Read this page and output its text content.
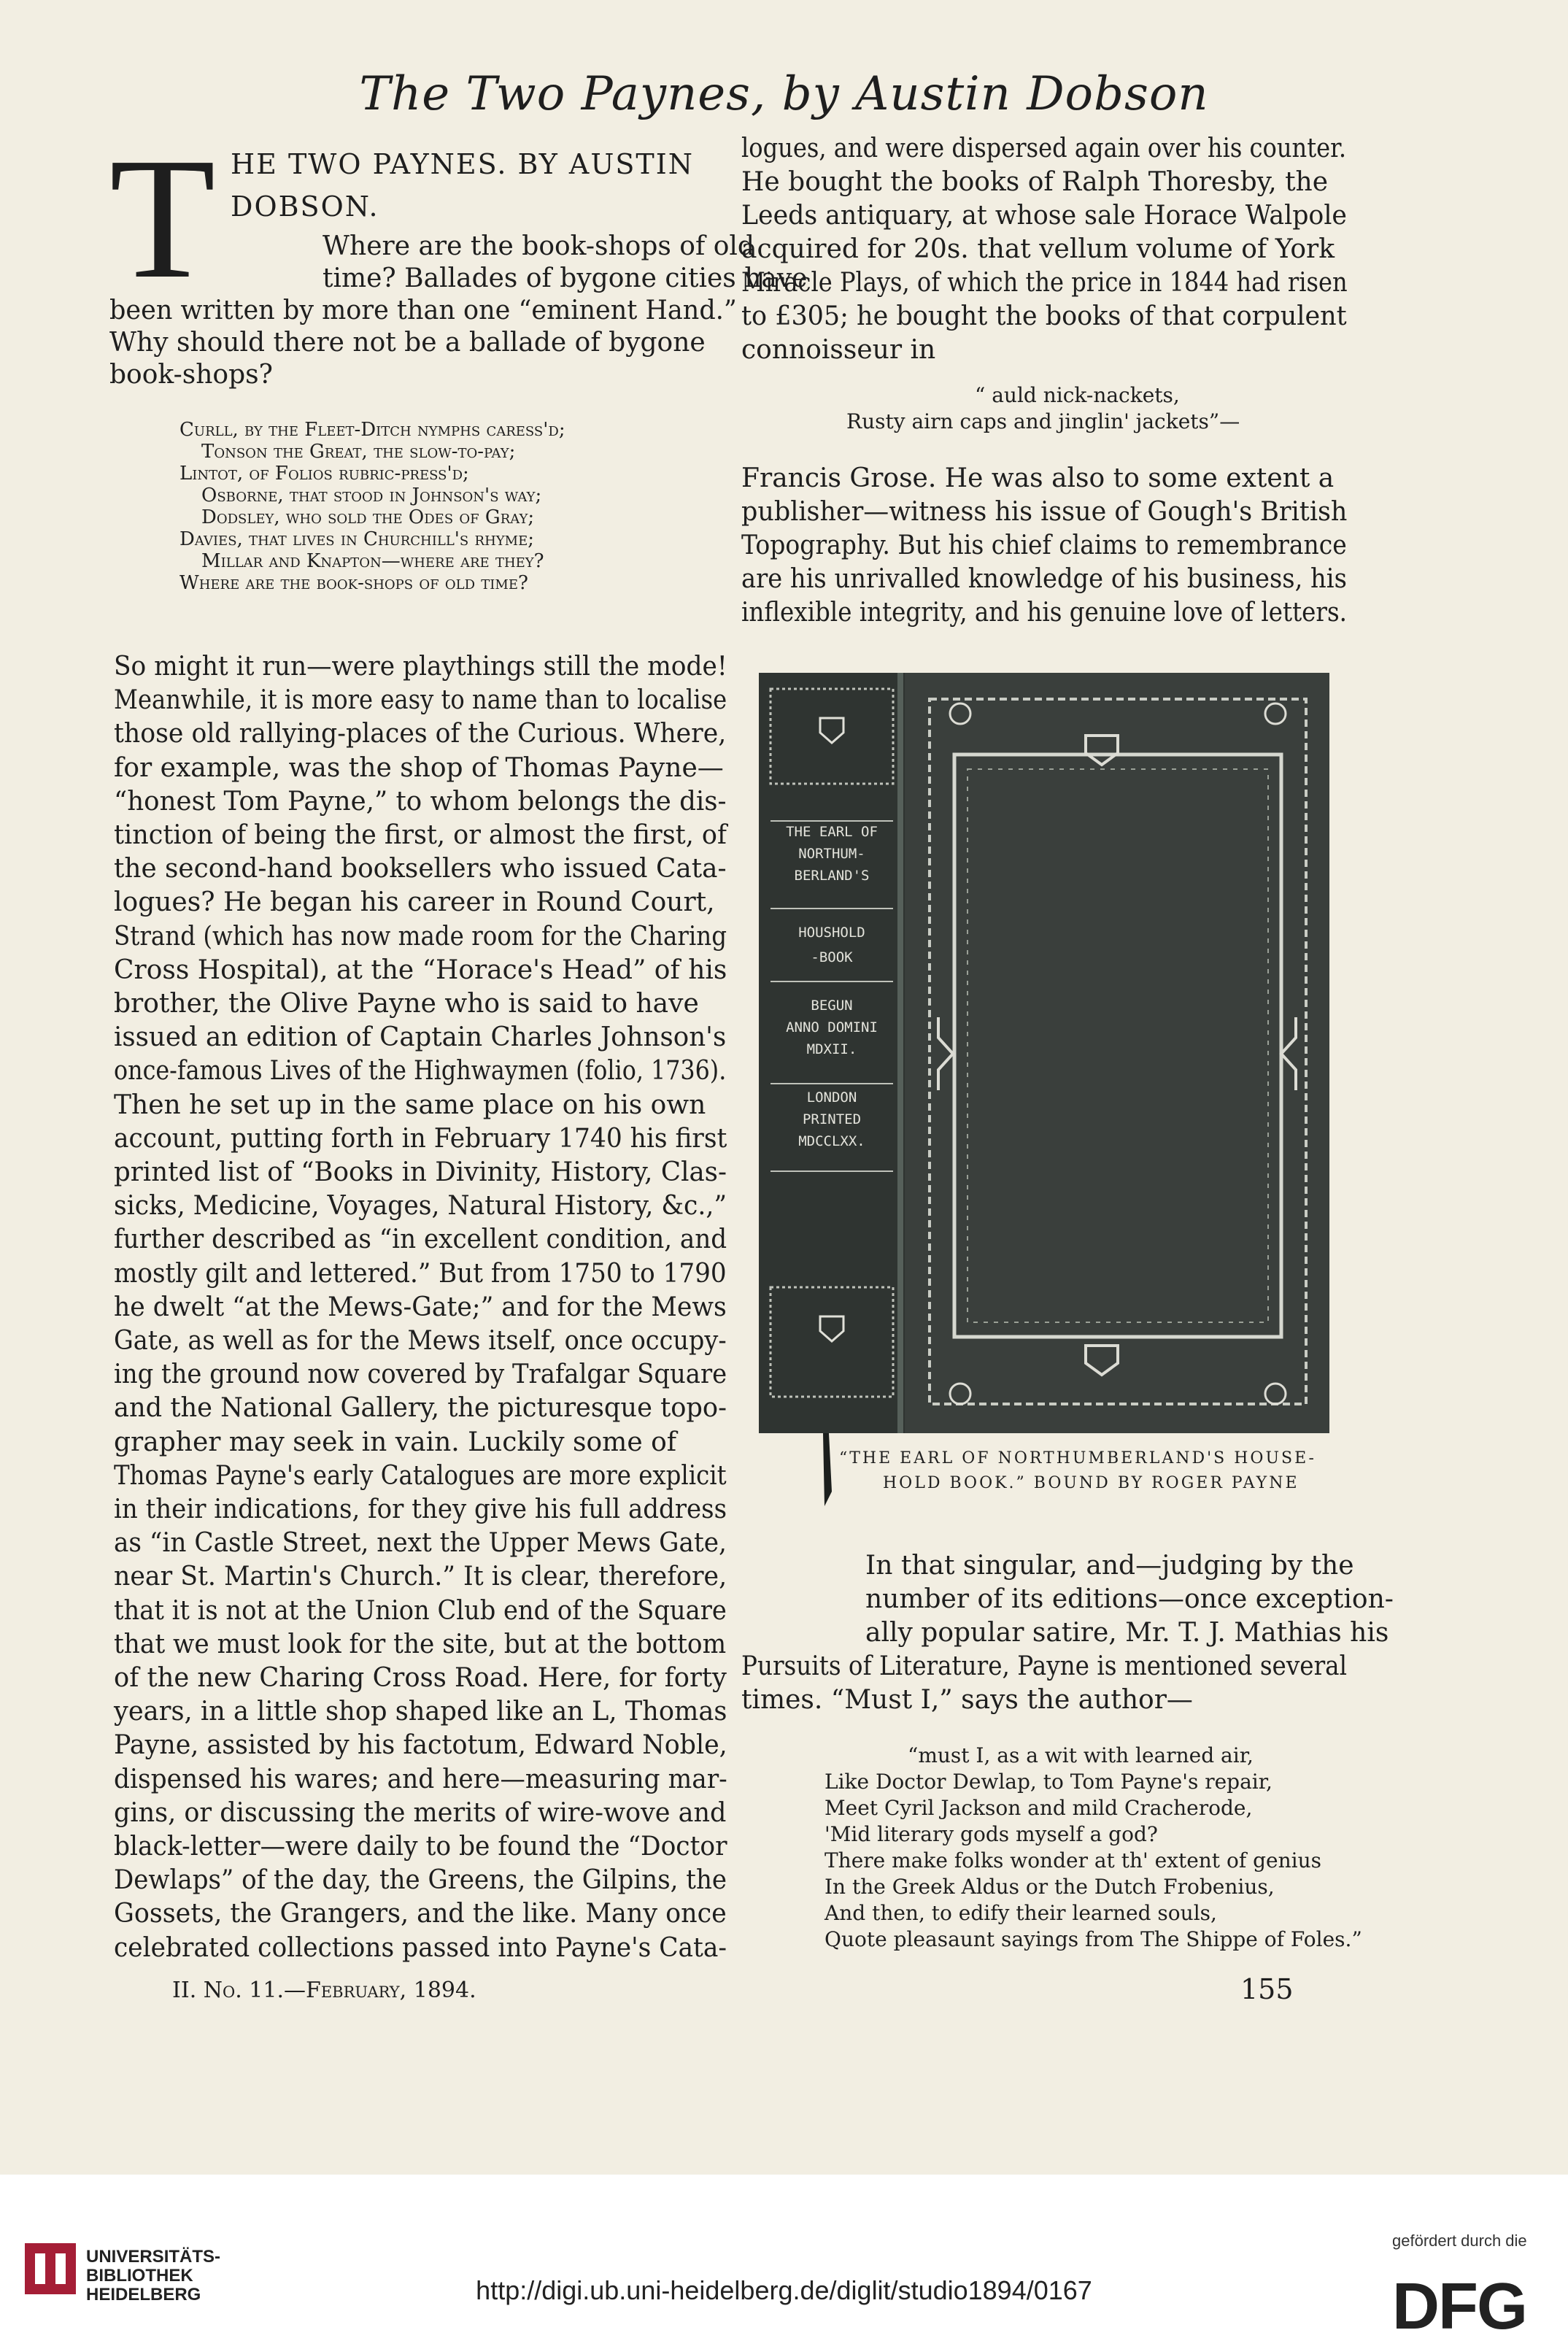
The Two Paynes, by Austin Dobson
T HE TWO PAYNES. BY AUSTIN
DOBSON.
Where are the book-shops of old
time? Ballades of bygone cities have
been written by more than one “eminent Hand.”
Why should there not be a ballade of bygone
book-shops?
Curll, by the Fleet-Ditch nymphs caress'd;
Tonson the Great, the slow-to-pay;
Lintot, of Folios rubric-press'd;
Osborne, that stood in Johnson's way;
Dodsley, who sold the Odes of Gray;
Davies, that lives in Churchill's rhyme;
Millar and Knapton—where are they?
Where are the book-shops of old time?
So might it run—were playthings still the mode!
Meanwhile, it is more easy to name than to localise
those old rallying-places of the Curious. Where,
for example, was the shop of Thomas Payne—
“honest Tom Payne,” to whom belongs the dis-
tinction of being the first, or almost the first, of
the second-hand booksellers who issued Cata-
logues? He began his career in Round Court,
Strand (which has now made room for the Charing
Cross Hospital), at the “Horace's Head” of his
brother, the Olive Payne who is said to have
issued an edition of Captain Charles Johnson's
once-famous Lives of the Highwaymen (folio, 1736).
Then he set up in the same place on his own
account, putting forth in February 1740 his first
printed list of “Books in Divinity, History, Clas-
sicks, Medicine, Voyages, Natural History, &c.,”
further described as “in excellent condition, and
mostly gilt and lettered.” But from 1750 to 1790
he dwelt “at the Mews-Gate;” and for the Mews
Gate, as well as for the Mews itself, once occupy-
ing the ground now covered by Trafalgar Square
and the National Gallery, the picturesque topo-
grapher may seek in vain. Luckily some of
Thomas Payne's early Catalogues are more explicit
in their indications, for they give his full address
as “in Castle Street, next the Upper Mews Gate,
near St. Martin's Church.” It is clear, therefore,
that it is not at the Union Club end of the Square
that we must look for the site, but at the bottom
of the new Charing Cross Road. Here, for forty
years, in a little shop shaped like an L, Thomas
Payne, assisted by his factotum, Edward Noble,
dispensed his wares; and here—measuring mar-
gins, or discussing the merits of wire-wove and
black-letter—were daily to be found the “Doctor
Dewlaps” of the day, the Greens, the Gilpins, the
Gossets, the Grangers, and the like. Many once
celebrated collections passed into Payne's Cata-
II. No. 11.—February, 1894.
logues, and were dispersed again over his counter.
He bought the books of Ralph Thoresby, the
Leeds antiquary, at whose sale Horace Walpole
acquired for 20s. that vellum volume of York
Miracle Plays, of which the price in 1844 had risen
to £305; he bought the books of that corpulent
connoisseur in
“ auld nick-nackets,
Rusty airn caps and jinglin' jackets”—
Francis Grose. He was also to some extent a
publisher—witness his issue of Gough's British
Topography. But his chief claims to remembrance
are his unrivalled knowledge of his business, his
inflexible integrity, and his genuine love of letters.
THE EARL OF
NORTHUM-
BERLAND'S
HOUSHOLD
-BOOK
BEGUN
ANNO DOMINI
MDXII.
LONDON
PRINTED
MDCCLXX.
“THE EARL OF NORTHUMBERLAND'S HOUSE-
HOLD BOOK.” BOUND BY ROGER PAYNE
In that singular, and—judging by the
number of its editions—once exception-
ally popular satire, Mr. T. J. Mathias his
Pursuits of Literature, Payne is mentioned several
times. “Must I,” says the author—
“must I, as a wit with learned air,
Like Doctor Dewlap, to Tom Payne's repair,
Meet Cyril Jackson and mild Cracherode,
'Mid literary gods myself a god?
There make folks wonder at th' extent of genius
In the Greek Aldus or the Dutch Frobenius,
And then, to edify their learned souls,
Quote pleasaunt sayings from The Shippe of Foles.”
155
UNIVERSITÄTS-
BIBLIOTHEK
HEIDELBERG	http://digi.ub.uni-heidelberg.de/diglit/studio1894/0167
gefördert durch die
DFG
